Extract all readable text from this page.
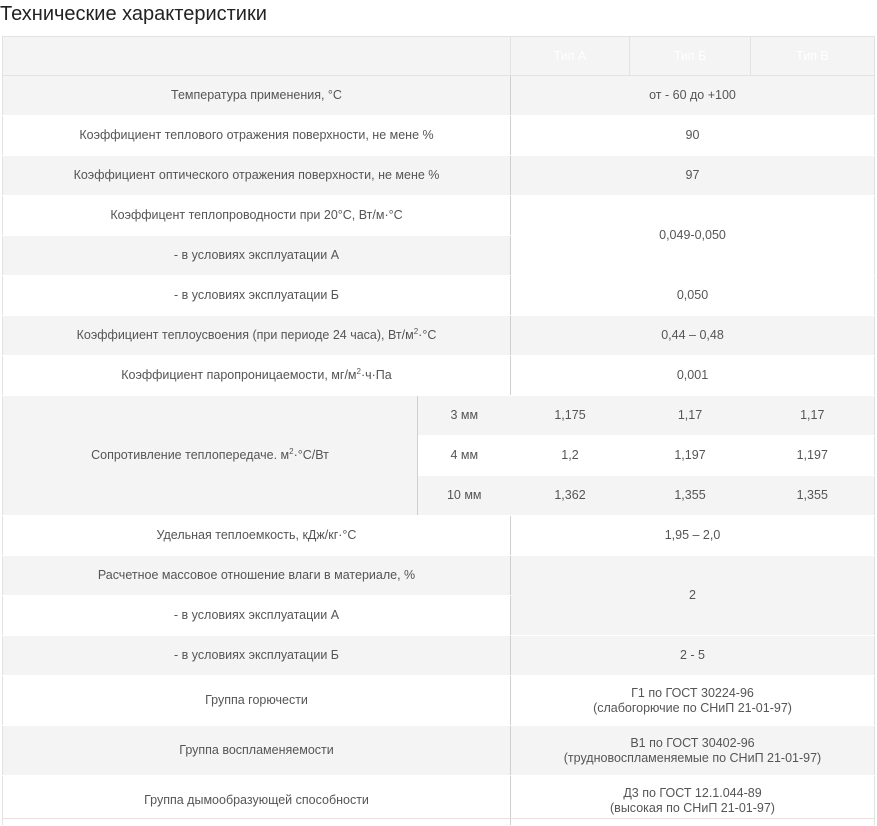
Технические характеристики
		Тип А	Тип Б	Тип В
Температура применения, °С		от - 60 до +100		
Коэффициент теплового отражения поверхности, не мене %		90		
Коэффициент оптического отражения поверхности, не мене %		97		
Коэффицент теплопроводности при 20°С, Вт/м·°С		0,049-0,050		
- в условиях эксплуатации А				
- в условиях эксплуатации Б		0,050		
Коэффициент теплоусвоения (при периоде 24 часа), $Вт/м^2\cdot^\circ С$		0,44 – 0,48		
Коэффициент паропроницаемости, $мг/м^2\cdot ч\cdot Па$		0,001		
Сопротивление теплопередаче. $м^2\cdot^\circ С/Вт$	3 мм	1,175	1,17	1,17
	4 мм	1,2	1,197	1,197
	10 мм	1,362	1,355	1,355
Удельная теплоемкость, кДж/кг·°С		1,95 – 2,0		
Расчетное массовое отношение влаги в материале, %		2		
- в условиях эксплуатации А				
- в условиях эксплуатации Б		2 - 5		
Группа горючести		Г1 по ГОСТ 30224-96
(слабогорючие по СНиП 21-01-97)		

Группа воспламеняемости		В1 по ГОСТ 30402-96
(трудновоспламеняемые по СНиП 21-01-97)		

Группа дымообразующей способности		Д3 по ГОСТ 12.1.044-89
(высокая по СНиП 21-01-97)		
